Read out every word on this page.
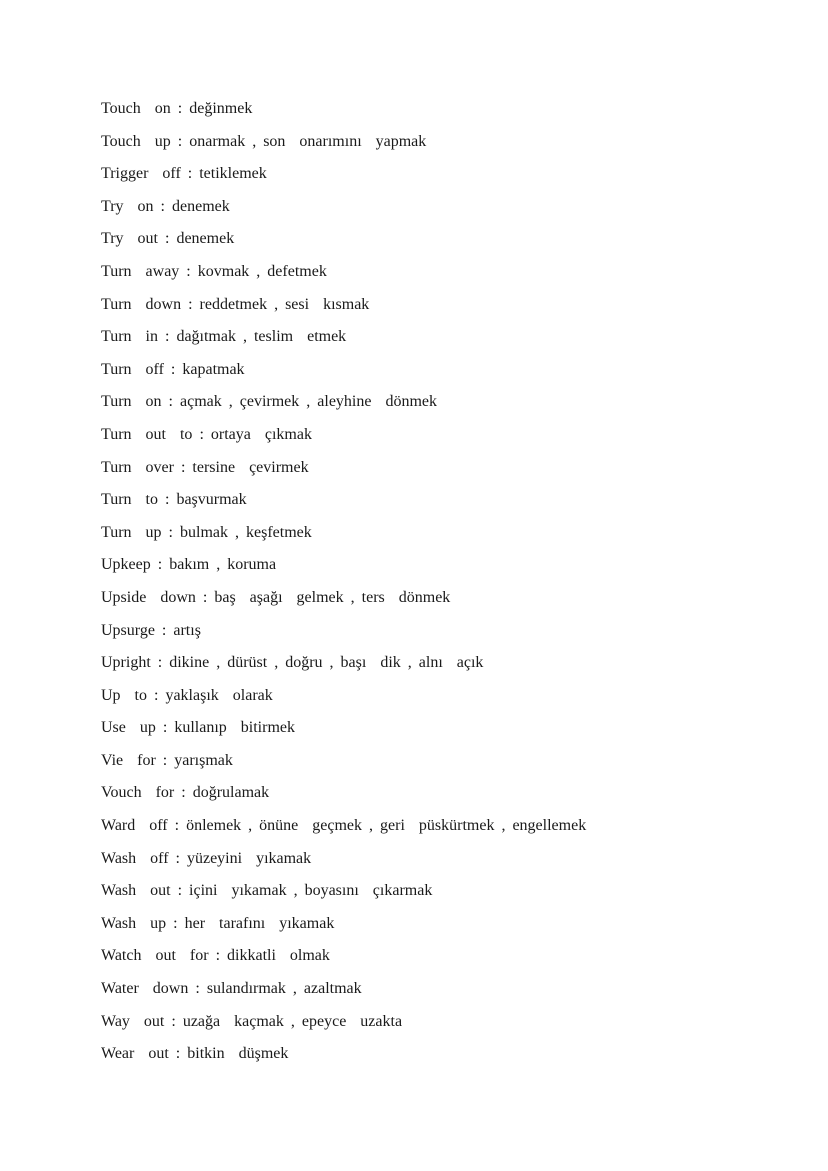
Touch  on : değinmek
Touch  up : onarmak , son  onarımını  yapmak
Trigger  off : tetiklemek
Try  on : denemek
Try  out : denemek
Turn  away : kovmak , defetmek
Turn  down : reddetmek , sesi  kısmak
Turn  in : dağıtmak , teslim  etmek
Turn  off : kapatmak
Turn  on : açmak , çevirmek , aleyhine  dönmek
Turn  out  to : ortaya  çıkmak
Turn  over : tersine  çevirmek
Turn  to : başvurmak
Turn  up : bulmak , keşfetmek
Upkeep : bakım , koruma
Upside  down : baş  aşağı  gelmek , ters  dönmek
Upsurge : artış
Upright : dikine , dürüst , doğru , başı  dik , alnı  açık
Up  to : yaklaşık  olarak
Use  up : kullanıp  bitirmek
Vie  for : yarışmak
Vouch  for : doğrulamak
Ward  off : önlemek , önüne  geçmek , geri  püskürtmek , engellemek
Wash  off : yüzeyini  yıkamak
Wash  out : içini  yıkamak , boyasını  çıkarmak
Wash  up : her  tarafını  yıkamak
Watch  out  for : dikkatli  olmak
Water  down : sulandırmak , azaltmak
Way  out : uzağa  kaçmak , epeyce  uzakta
Wear  out : bitkin  düşmek
